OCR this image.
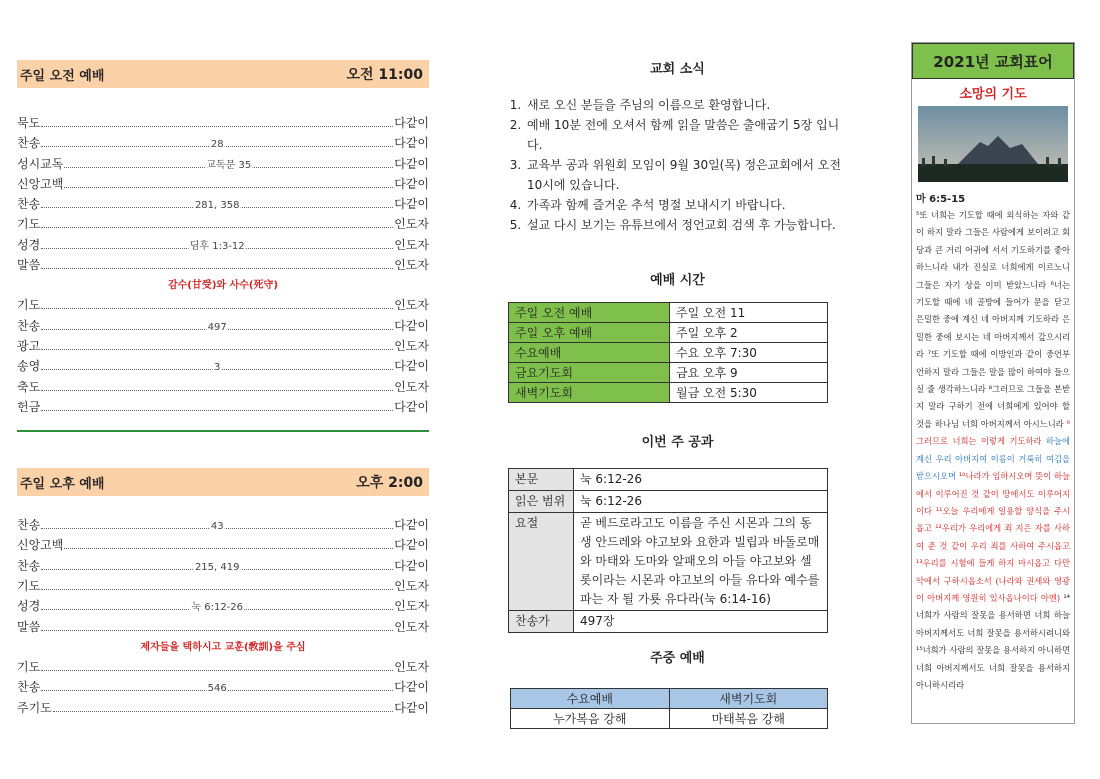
주일 오전 예배	오전 11:00
묵도	다같이
찬송	28	다같이
성시교독	교독문 35	다같이
신앙고백	다같이
찬송	281, 358	다같이
기도	인도자
성경	딤후 1:3-12	인도자
말씀	인도자
감수(甘受)와 사수(死守)
기도	인도자
찬송	497	다같이
광고	인도자
송영	3	다같이
축도	인도자
헌금	다같이
주일 오후 예배	오후 2:00
찬송	43	다같이
신앙고백	다같이
찬송	215, 419	다같이
기도	인도자
성경	눅 6:12-26	인도자
말씀	인도자
제자들을 택하시고 교훈(敎訓)을 주심
기도	인도자
찬송	546	다같이
주기도	다같이
교회 소식
1. 새로 오신 분들을 주님의 이름으로 환영합니다.
2. 예배 10분 전에 오셔서 함께 읽을 말씀은 출애굽기 5장 입니다.
3. 교육부 공과 위원회 모임이 9월 30일(목) 정은교회에서 오전 10시에 있습니다.
4. 가족과 함께 즐거운 추석 명절 보내시기 바랍니다.
5. 설교 다시 보기는 유튜브에서 정언교회 검색 후 가능합니다.
예배 시간
주일 오전 예배	주일 오전 11
주일 오후 예배	주일 오후 2
수요예배	수요 오후 7:30
금요기도회	금요 오후 9
새벽기도회	월금 오전 5:30
이번 주 공과
본문	눅 6:12-26
읽은 범위	눅 6:12-26
요절	곧 베드로라고도 이름을 주신 시몬과 그의 동생 안드레와 야고보와 요한과 빌립과 바돌로매와 마태와 도마와 알패오의 아들 야고보와 셀롯이라는 시몬과 야고보의 아들 유다와 예수를 파는 자 될 가룟 유다라(눅 6:14-16)
찬송가	497장
주중 예배
수요예배	새벽기도회
누가복음 강해	마태복음 강해
2021년 교회표어
소망의 기도
마 6:5-15
⁵또 너희는 기도할 때에 외식하는 자와 같이 하지 말라 그들은 사람에게 보이려고 회당과 큰 거리 어귀에 서서 기도하기를 좋아하느니라 내가 진실로 너희에게 이르노니 그들은 자기 상을 이미 받았느니라 ⁶너는 기도할 때에 네 골방에 들어가 문을 닫고 은밀한 중에 계신 네 아버지께 기도하라 은밀한 중에 보시는 네 아버지께서 갚으시리라 ⁷또 기도할 때에 이방인과 같이 중언부언하지 말라 그들은 말을 많이 하여야 들으실 줄 생각하느니라 ⁸그러므로 그들을 본받지 말라 구하기 전에 너희에게 있어야 할 것을 하나님 너희 아버지께서 아시느니라 ⁹그러므로 너희는 이렇게 기도하라 하늘에 계신 우리 아버지여 이름이 거룩히 여김을 받으시오며 ¹⁰나라가 임하시오며 뜻이 하늘에서 이루어진 것 같이 땅에서도 이루어지이다 ¹¹오늘 우리에게 일용할 양식을 주시옵고 ¹²우리가 우리에게 죄 지은 자를 사하여 준 것 같이 우리 죄를 사하여 주시옵고 ¹³우리를 시험에 들게 하지 마시옵고 다만 악에서 구하시옵소서 (나라와 권세와 영광이 아버지께 영원히 있사옵나이다 아멘) ¹⁴너희가 사람의 잘못을 용서하면 너희 하늘 아버지께서도 너희 잘못을 용서하시려니와 ¹⁵너희가 사람의 잘못을 용서하지 아니하면 너희 아버지께서도 너희 잘못을 용서하지 아니하시리라
